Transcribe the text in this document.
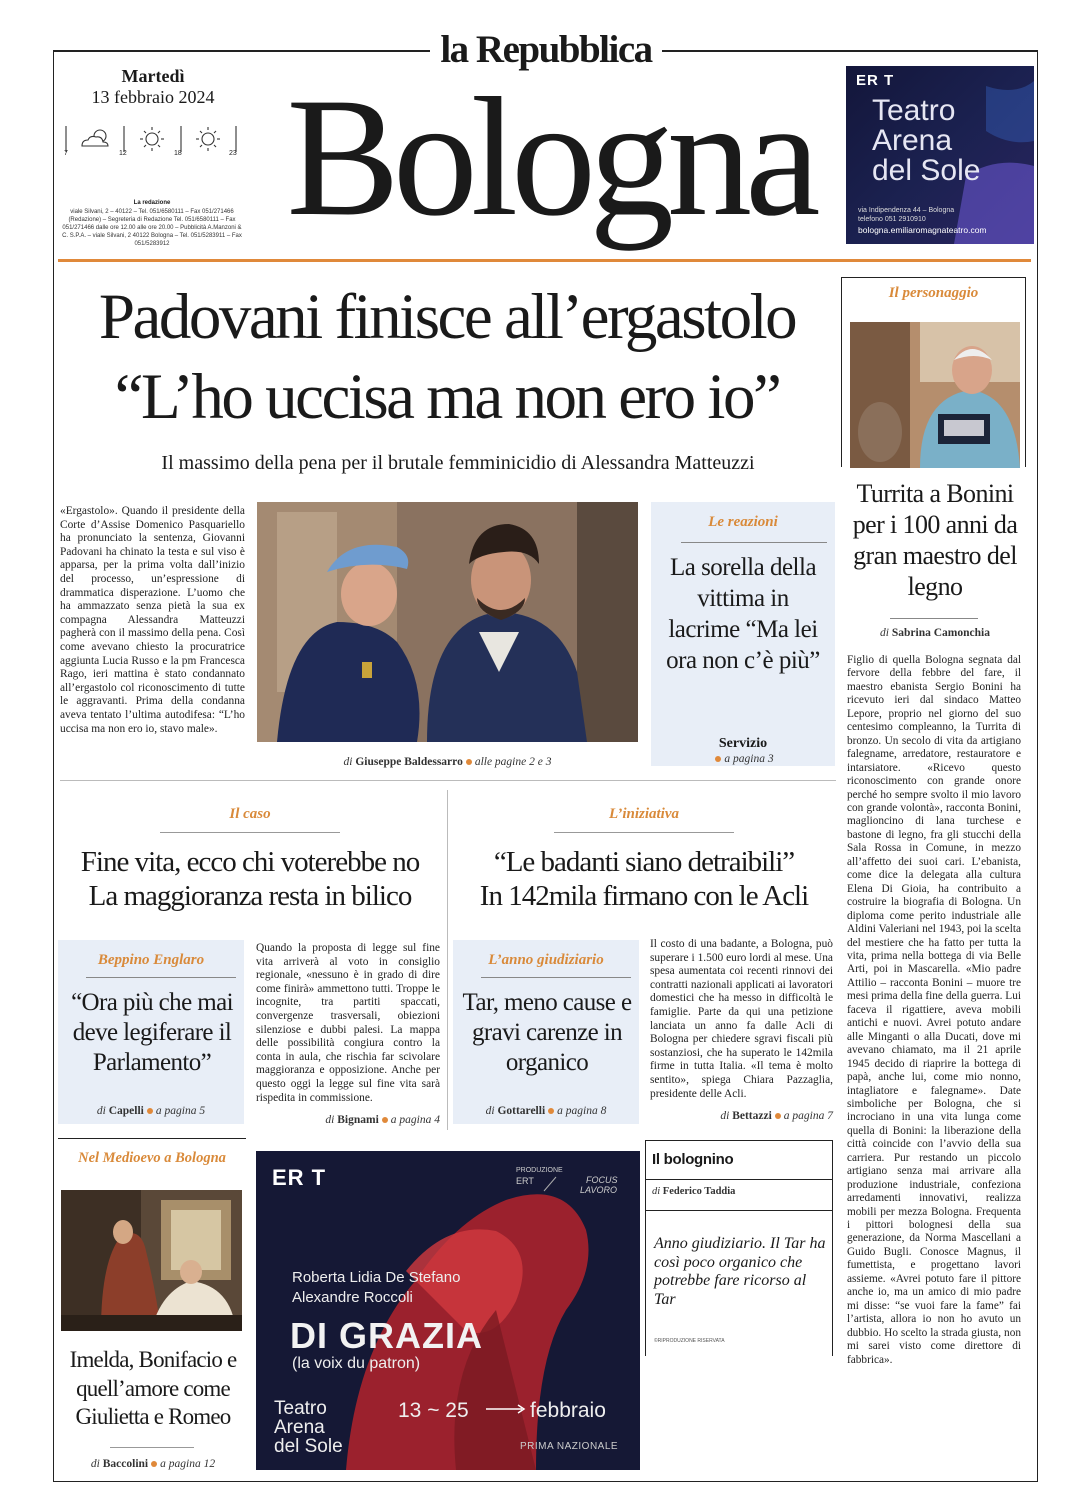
la Repubblica
Martedì
13 febbraio 2024
7	12	18	23
La redazione
viale Silvani, 2 – 40122 – Tel. 051/6580111 – Fax 051/271466 (Redazione) – Segreteria di Redazione Tel. 051/6580111 – Fax 051/271466 dalle ore 12.00 alle ore 20.00 – Pubblicità A.Manzoni & C. S.P.A. – viale Silvani, 2 40122 Bologna – Tel. 051/5283911 – Fax 051/5283912 Bologna	ER T
Teatro
Arena
del Sole
via Indipendenza 44 – Bologna
telefono 051 2910910
bologna.emiliaromagnateatro.com
Padovani finisce all’ergastolo
“L’ho uccisa ma non ero io”
Il massimo della pena per il brutale femminicidio di Alessandra Matteuzzi
«Ergastolo». Quando il presidente della Corte d’Assise Domenico Pasquariello ha pronunciato la sentenza, Giovanni Padovani ha chinato la testa e sul viso è apparsa, per la prima volta dall’inizio del processo, un’espressione di drammatica disperazione. L’uomo che ha ammazzato senza pietà la sua ex compagna Alessandra Matteuzzi pagherà con il massimo della pena. Così come avevano chiesto la procuratrice aggiunta Lucia Russo e la pm Francesca Rago, ieri mattina è stato condannato all’ergastolo col riconoscimento di tutte le aggravanti. Prima della condanna aveva tentato l’ultima autodifesa: “L’ho uccisa ma non ero io, stavo male».
di Giuseppe Baldessarro alle pagine 2 e 3
Le reazioni
La sorella della vittima in lacrime “Ma lei ora non c’è più”
Servizio
a pagina 3
Il personaggio
Turrita a Bonini per i 100 anni da gran maestro del legno
di Sabrina Camonchia
Figlio di quella Bologna segnata dal fervore della febbre del fare, il maestro ebanista Sergio Bonini ha ricevuto ieri dal sindaco Matteo Lepore, proprio nel giorno del suo centesimo compleanno, la Turrita di bronzo. Un secolo di vita da artigiano falegname, arredatore, restauratore e intarsiatore. «Ricevo questo riconoscimento con grande onore perché ho sempre svolto il mio lavoro con grande volontà», racconta Bonini, maglioncino di lana turchese e bastone di legno, fra gli stucchi della Sala Rossa in Comune, in mezzo all’affetto dei suoi cari. L’ebanista, come dice la delegata alla cultura Elena Di Gioia, ha contribuito a costruire la biografia di Bologna. Un diploma come perito industriale alle Aldini Valeriani nel 1943, poi la scelta del mestiere che ha fatto per tutta la vita, prima nella bottega di via Belle Arti, poi in Mascarella. «Mio padre Attilio – racconta Bonini – muore tre mesi prima della fine della guerra. Lui faceva il rigattiere, aveva mobili antichi e nuovi. Avrei potuto andare alle Minganti o alla Ducati, dove mi avevano chiamato, ma il 21 aprile 1945 decido di riaprire la bottega di papà, anche lui, come mio nonno, intagliatore e falegname». Date simboliche per Bologna, che si incrociano in una vita lunga come quella di Bonini: la liberazione della città coincide con l’avvio della sua carriera. Pur restando un piccolo artigiano senza mai arrivare alla produzione industriale, confeziona arredamenti innovativi, realizza mobili per mezza Bologna. Frequenta i pittori bolognesi della sua generazione, da Norma Mascellani a Guido Bugli. Conosce Magnus, il fumettista, e progettano lavori assieme. «Avrei potuto fare il pittore anche io, ma un amico di mio padre mi disse: “se vuoi fare la fame” fai l’artista, allora io non ho avuto un dubbio. Ho scelto la strada giusta, non mi sarei visto come direttore di fabbrica».
Il caso
Fine vita, ecco chi voterebbe no
La maggioranza resta in bilico
L’iniziativa
“Le badanti siano detraibili”
In 142mila firmano con le Acli
Beppino Englaro
“Ora più che mai deve legiferare il Parlamento”
di Capelli a pagina 5
Quando la proposta di legge sul fine vita arriverà al voto in consiglio regionale, «nessuno è in grado di dire come finirà» ammettono tutti. Troppe le incognite, tra partiti spaccati, convergenze trasversali, obiezioni silenziose e dubbi palesi. La mappa delle possibilità congiura contro la conta in aula, che rischia far scivolare maggioranza e opposizione. Anche per questo oggi la legge sul fine vita sarà rispedita in commissione.
di Bignami a pagina 4
L’anno giudiziario
Tar, meno cause e gravi carenze in organico
di Gottarelli a pagina 8
Il costo di una badante, a Bologna, può superare i 1.500 euro lordi al mese. Una spesa aumentata coi recenti rinnovi dei contratti nazionali applicati ai lavoratori domestici che ha messo in difficoltà le famiglie. Parte da qui una petizione lanciata un anno fa dalle Acli di Bologna per chiedere sgravi fiscali più sostanziosi, che ha superato le 142mila firme in tutta Italia. «Il tema è molto sentito», spiega Chiara Pazzaglia, presidente delle Acli.
di Bettazzi a pagina 7
Nel Medioevo a Bologna
Imelda, Bonifacio e quell’amore come Giulietta e Romeo
di Baccolini a pagina 12
ER T	PRODUZIONE
ERT	FOCUS
LAVORO
Roberta Lidia De Stefano
Alexandre Roccoli
DI GRAZIA
(la voix du patron)
Teatro
Arena
del Sole
13 ~ 25	febbraio
PRIMA NAZIONALE
Il bolognino
di Federico Taddia
Anno giudiziario. Il Tar ha così poco organico che potrebbe fare ricorso al Tar
©RIPRODUZIONE RISERVATA
